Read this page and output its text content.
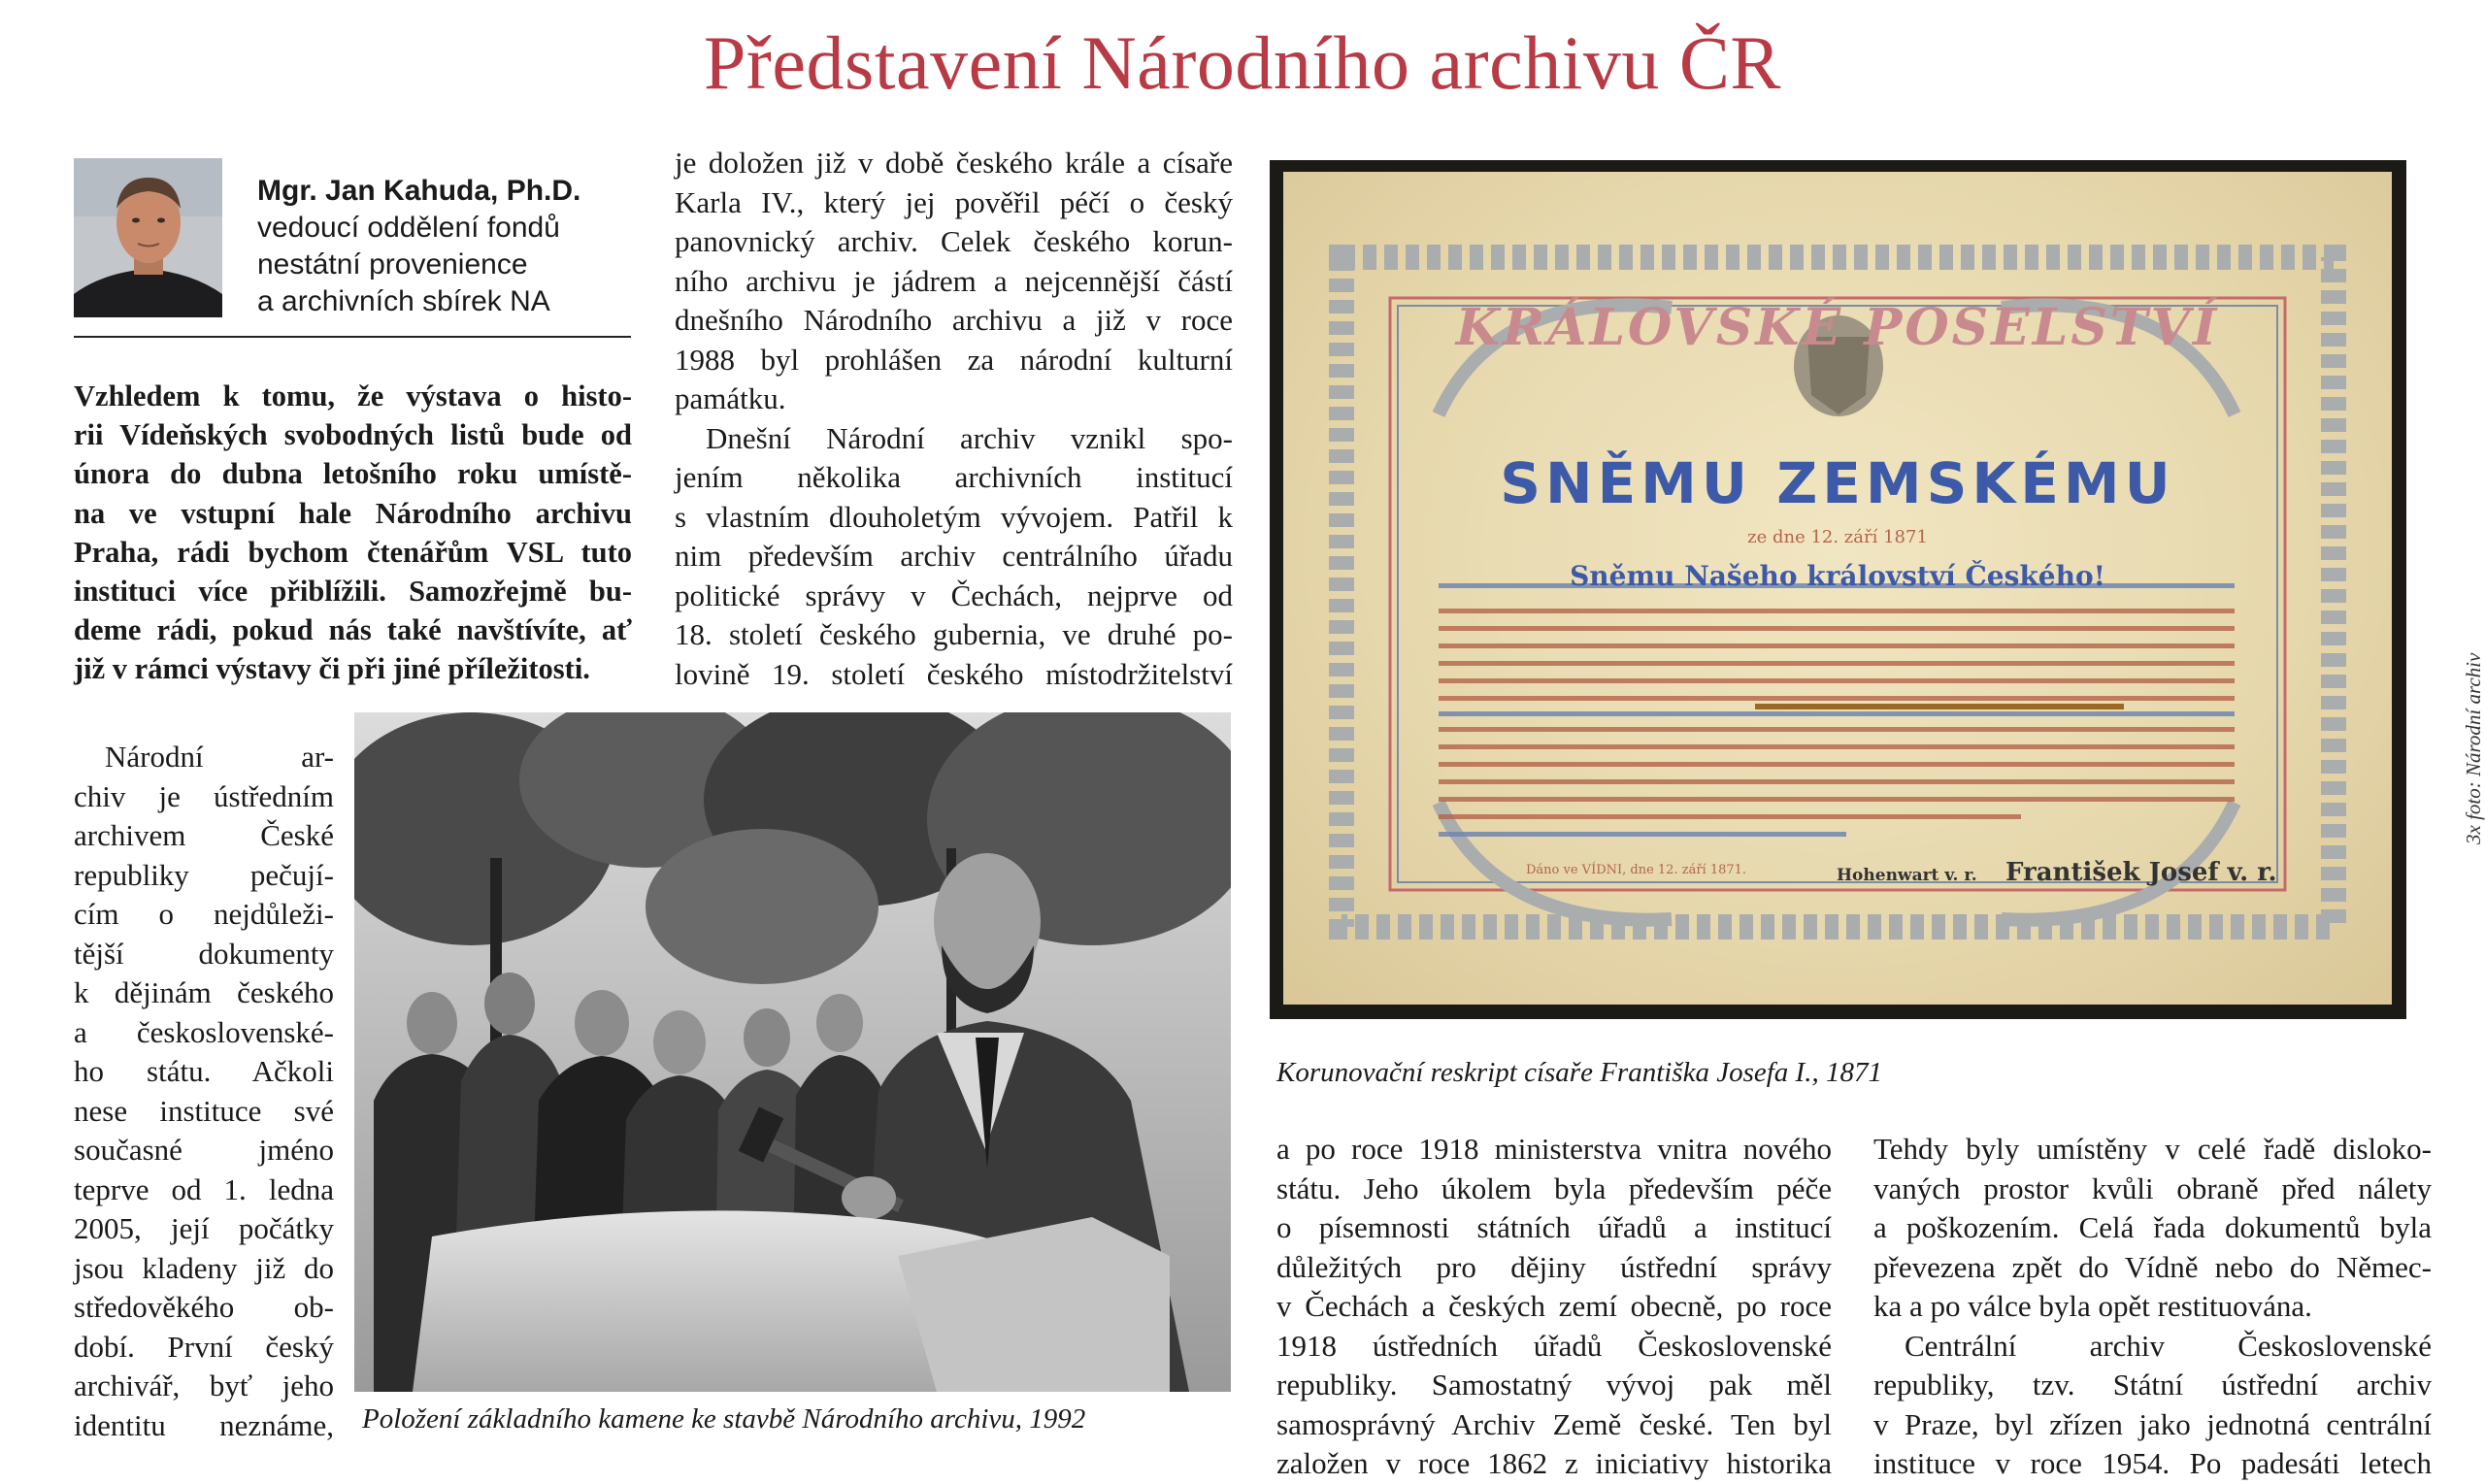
Představení Národního archivu ČR
Mgr. Jan Kahuda, Ph.D.
vedoucí oddělení fondů
nestátní provenience
a archivních sbírek NA
Vzhledem k tomu, že výstava o histo-
rii Vídeňských svobodných listů bude od
února do dubna letošního roku umístě-
na ve vstupní hale Národního archivu
Praha, rádi bychom čtenářům VSL tuto
instituci více přiblížili. Samozřejmě bu-
deme rádi, pokud nás také navštívíte, ať
již v rámci výstavy či při jiné příležitosti.
Národní ar-
chiv je ústředním
archivem České
republiky pečují-
cím o nejdůleži-
tější dokumenty
k dějinám českého
a československé-
ho státu. Ačkoli
nese instituce své
současné jméno
teprve od 1. ledna
2005, její počátky
jsou kladeny již do
středověkého ob-
dobí. První český
archivář, byť jeho
identitu neznáme,
je doložen již v době českého krále a císaře
Karla IV., který jej pověřil péčí o český
panovnický archiv. Celek českého korun-
ního archivu je jádrem a nejcennější částí
dnešního Národního archivu a již v roce
1988 byl prohlášen za národní kulturní
památku.
Dnešní Národní archiv vznikl spo-
jením několika archivních institucí
s vlastním dlouholetým vývojem. Patřil k
nim především archiv centrálního úřadu
politické správy v Čechách, nejprve od
18. století českého gubernia, ve druhé po-
lovině 19. století českého místodržitelství
Položení základního kamene ke stavbě Národního archivu, 1992
KRÁLOVSKÉ POSELSTVÍ
SNĚMU ZEMSKÉMU
ze dne 12. září 1871
Sněmu Našeho království Českého!
Dáno ve VÍDNI, dne 12. září 1871.	Hohenwart v. r. František Josef v. r.
3x foto: Národní archiv
Korunovační reskript císaře Františka Josefa I., 1871
a po roce 1918 ministerstva vnitra nového
státu. Jeho úkolem byla především péče
o písemnosti státních úřadů a institucí
důležitých pro dějiny ústřední správy
v Čechách a českých zemí obecně, po roce
1918 ústředních úřadů Československé
republiky. Samostatný vývoj pak měl
samosprávný Archiv Země české. Ten byl
založen v roce 1862 z iniciativy historika
Tehdy byly umístěny v celé řadě disloko-
vaných prostor kvůli obraně před nálety
a poškozením. Celá řada dokumentů byla
převezena zpět do Vídně nebo do Němec-
ka a po válce byla opět restituována.
Centrální archiv Československé
republiky, tzv. Státní ústřední archiv
v Praze, byl zřízen jako jednotná centrální
instituce v roce 1954. Po padesáti letech
